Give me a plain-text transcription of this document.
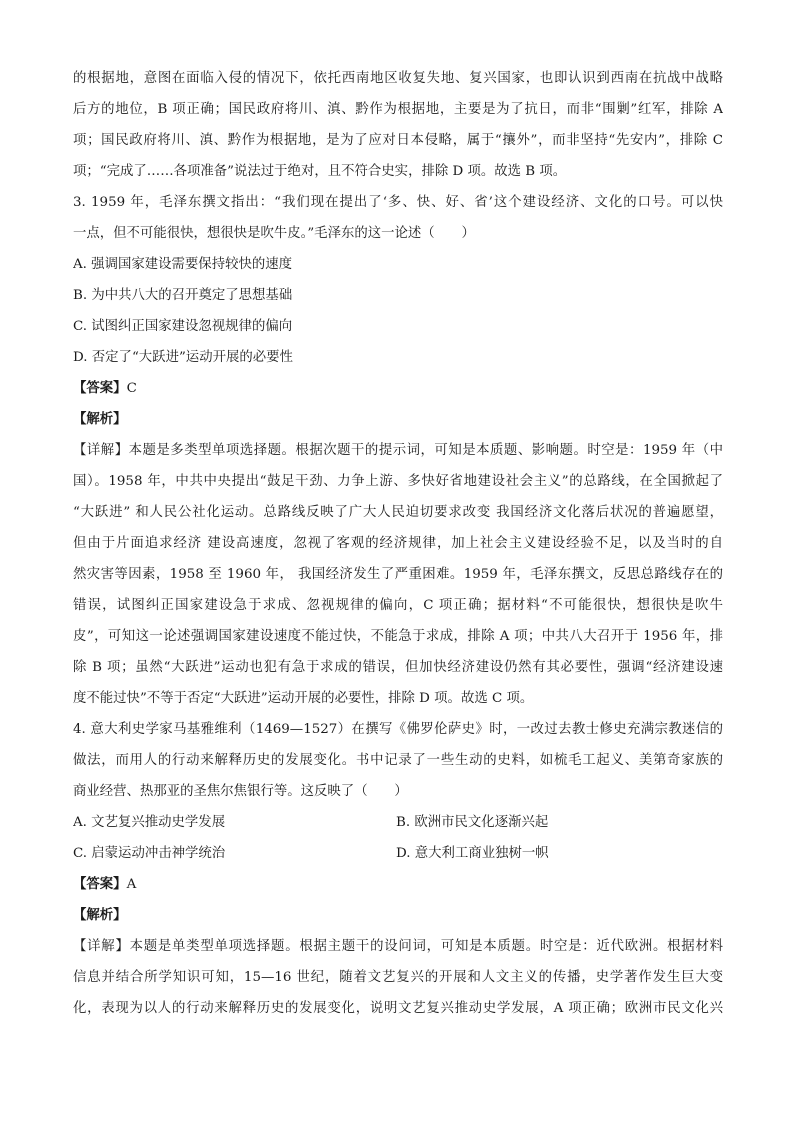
的根据地，意图在面临入侵的情况下，依托西南地区收复失地、复兴国家，也即认识到西南在抗战中战略
后方的地位，B 项正确；国民政府将川、滇、黔作为根据地，主要是为了抗日，而非“围剿”红军，排除 A
项；国民政府将川、滇、黔作为根据地，是为了应对日本侵略，属于“攘外”，而非坚持“先安内”，排除 C
项；“完成了……各项准备”说法过于绝对，且不符合史实，排除 D 项。故选 B 项。
3. 1959 年，毛泽东撰文指出：“我们现在提出了‘多、快、好、省’这个建设经济、文化的口号。可以快
一点，但不可能很快，想很快是吹牛皮。”毛泽东的这一论述（　　）
A. 强调国家建设需要保持较快的速度
B. 为中共八大的召开奠定了思想基础
C. 试图纠正国家建设忽视规律的偏向
D. 否定了“大跃进”运动开展的必要性
【答案】C
【解析】
【详解】本题是多类型单项选择题。根据次题干的提示词，可知是本质题、影响题。时空是：1959 年（中
国）。1958 年，中共中央提出“鼓足干劲、力争上游、多快好省地建设社会主义”的总路线，在全国掀起了
“大跃进” 和人民公社化运动。总路线反映了广大人民迫切要求改变 我国经济文化落后状况的普遍愿望，
但由于片面追求经济 建设高速度，忽视了客观的经济规律，加上社会主义建设经验不足，以及当时的自
然灾害等因素，1958 至 1960 年， 我国经济发生了严重困难。1959 年，毛泽东撰文，反思总路线存在的
错误，试图纠正国家建设急于求成、忽视规律的偏向，C 项正确；据材料“不可能很快，想很快是吹牛
皮”，可知这一论述强调国家建设速度不能过快，不能急于求成，排除 A 项；中共八大召开于 1956 年，排
除 B 项；虽然“大跃进”运动也犯有急于求成的错误，但加快经济建设仍然有其必要性，强调“经济建设速
度不能过快”不等于否定“大跃进”运动开展的必要性，排除 D 项。故选 C 项。
4. 意大利史学家马基雅维利（1469—1527）在撰写《佛罗伦萨史》时，一改过去教士修史充满宗教迷信的
做法，而用人的行动来解释历史的发展变化。书中记录了一些生动的史料，如梳毛工起义、美第奇家族的
商业经营、热那亚的圣焦尔焦银行等。这反映了（　　）
A. 文艺复兴推动史学发展	B. 欧洲市民文化逐渐兴起
C. 启蒙运动冲击神学统治	D. 意大利工商业独树一帜
【答案】A
【解析】
【详解】本题是单类型单项选择题。根据主题干的设问词，可知是本质题。时空是：近代欧洲。根据材料
信息并结合所学知识可知，15—16 世纪，随着文艺复兴的开展和人文主义的传播，史学著作发生巨大变
化，表现为以人的行动来解释历史的发展变化，说明文艺复兴推动史学发展，A 项正确；欧洲市民文化兴
